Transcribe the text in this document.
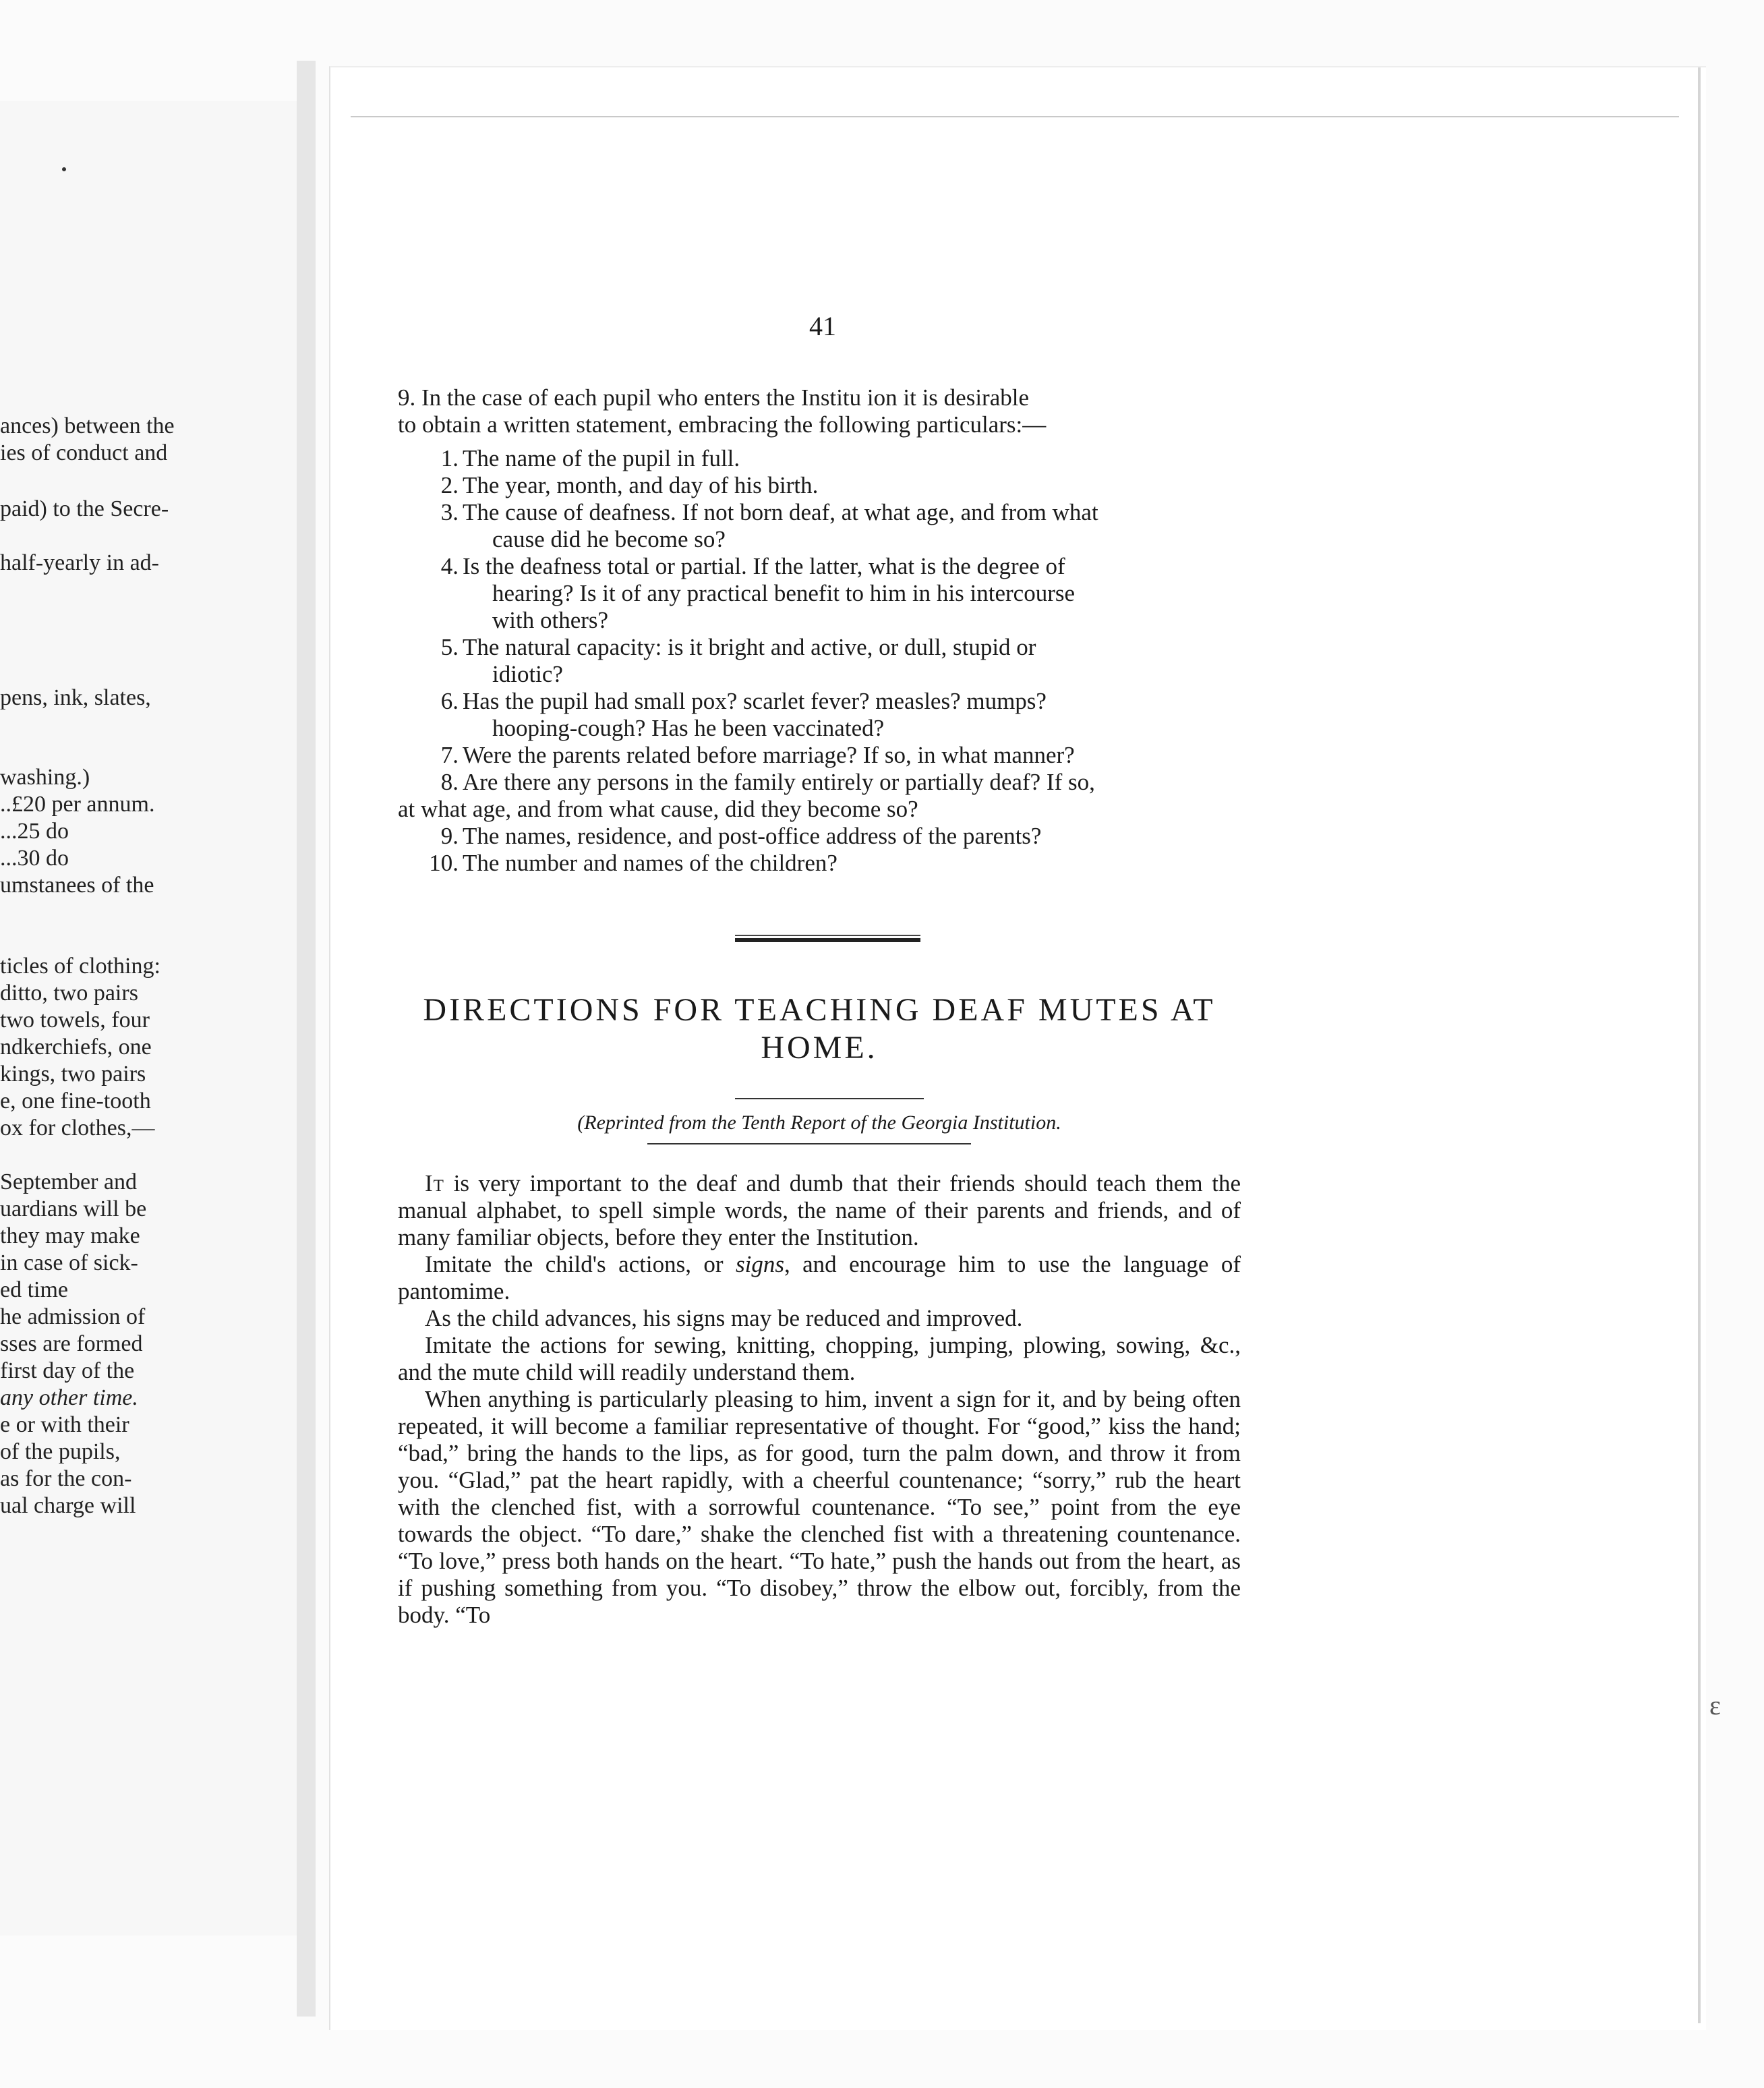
ances) between the
ies of conduct and
paid) to the Secre-
half-yearly in ad-
pens, ink, slates,
washing.)
..£20 per annum.
...25 do
...30 do
umstanees of the
ticles of clothing:
ditto, two pairs
two towels, four
ndkerchiefs, one
kings, two pairs
e, one fine-tooth
ox for clothes,—
September and
uardians will be
they may make
in case of sick-
ed time
he admission of
sses are formed
first day of the
any other time.
e or with their
of the pupils,
as for the con-
ual charge will
41
9. In the case of each pupil who enters the Institu ion it is desirable
to obtain a written statement, embracing the following particulars:—
1. The name of the pupil in full.
2. The year, month, and day of his birth.
3. The cause of deafness. If not born deaf, at what age, and from what
cause did he become so?
4. Is the deafness total or partial. If the latter, what is the degree of
hearing? Is it of any practical benefit to him in his intercourse
with others?
5. The natural capacity: is it bright and active, or dull, stupid or
idiotic?
6. Has the pupil had small pox? scarlet fever? measles? mumps?
hooping-cough? Has he been vaccinated?
7. Were the parents related before marriage? If so, in what manner?
8. Are there any persons in the family entirely or partially deaf? If so,
at what age, and from what cause, did they become so?
9. The names, residence, and post-office address of the parents?
10. The number and names of the children?
DIRECTIONS FOR TEACHING DEAF MUTES AT
HOME.
(Reprinted from the Tenth Report of the Georgia Institution.

It is very important to the deaf and dumb that their friends should teach them the manual alphabet, to spell simple words, the name of their parents and friends, and of many familiar objects, before they enter the Institution.

Imitate the child's actions, or signs, and encourage him to use the language of pantomime.

As the child advances, his signs may be reduced and improved.

Imitate the actions for sewing, knitting, chopping, jumping, plowing, sowing, &c., and the mute child will readily understand them.

When anything is particularly pleasing to him, invent a sign for it, and by being often repeated, it will become a familiar representative of thought. For “good,” kiss the hand; “bad,” bring the hands to the lips, as for good, turn the palm down, and throw it from you. “Glad,” pat the heart rapidly, with a cheerful countenance; “sorry,” rub the heart with the clenched fist, with a sorrowful countenance. “To see,” point from the eye towards the object. “To dare,” shake the clenched fist with a threatening countenance. “To love,” press both hands on the heart. “To hate,” push the hands out from the heart, as if pushing something from you. “To disobey,” throw the elbow out, forcibly, from the body. “To

ε
